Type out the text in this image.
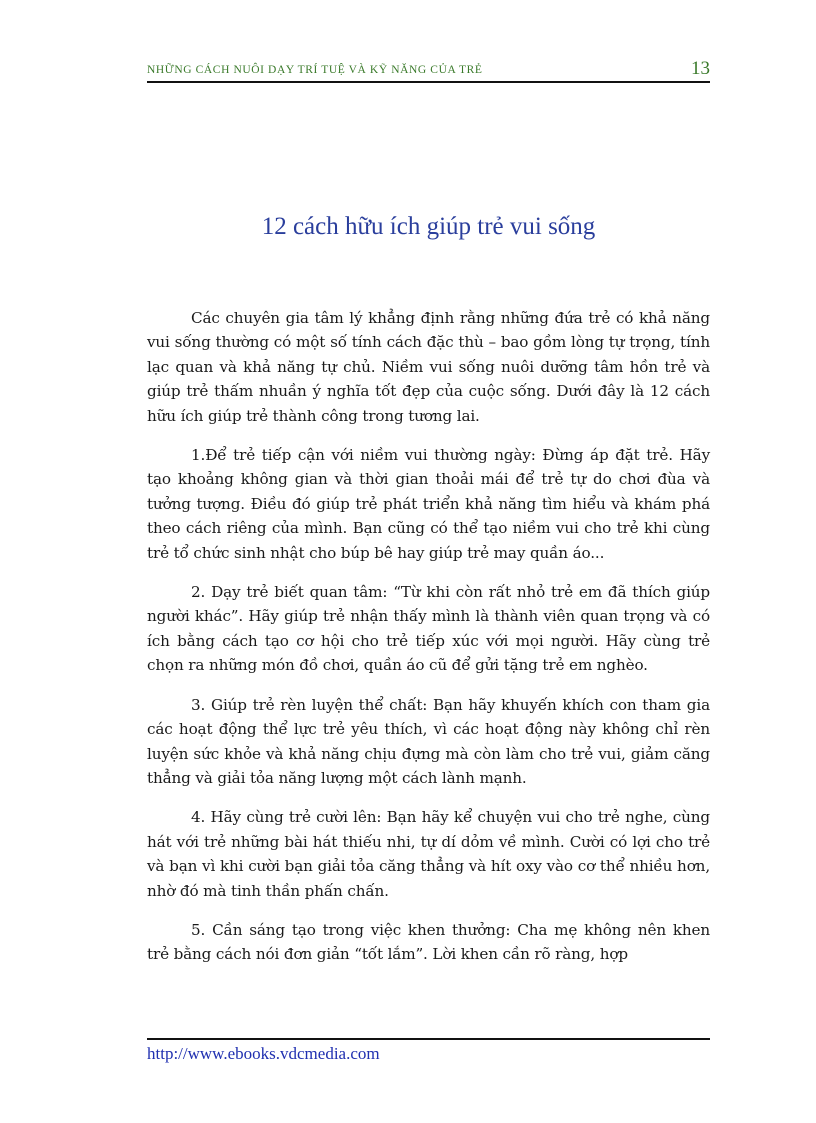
NHỮNG CÁCH NUÔI DẠY TRÍ TUỆ VÀ KỸ NĂNG CỦA TRẺ	13
12 cách hữu ích giúp trẻ vui sống

Các chuyên gia tâm lý khẳng định rằng những đứa trẻ có khả năng vui sống thường có một số tính cách đặc thù – bao gồm lòng tự trọng, tính lạc quan và khả năng tự chủ. Niềm vui sống nuôi dưỡng tâm hồn trẻ và giúp trẻ thấm nhuần ý nghĩa tốt đẹp của cuộc sống. Dưới đây là 12 cách hữu ích giúp trẻ thành công trong tương lai.

1.Để trẻ tiếp cận với niềm vui thường ngày: Đừng áp đặt trẻ. Hãy tạo khoảng không gian và thời gian thoải mái để trẻ tự do chơi đùa và tưởng tượng. Điều đó giúp trẻ phát triển khả năng tìm hiểu và khám phá theo cách riêng của mình. Bạn cũng có thể tạo niềm vui cho trẻ khi cùng trẻ tổ chức sinh nhật cho búp bê hay giúp trẻ may quần áo...

2. Dạy trẻ biết quan tâm: “Từ khi còn rất nhỏ trẻ em đã thích giúp người khác”. Hãy giúp trẻ nhận thấy mình là thành viên quan trọng và có ích bằng cách tạo cơ hội cho trẻ tiếp xúc với mọi người. Hãy cùng trẻ chọn ra những món đồ chơi, quần áo cũ để gửi tặng trẻ em nghèo.

3. Giúp trẻ rèn luyện thể chất: Bạn hãy khuyến khích con tham gia các hoạt động thể lực trẻ yêu thích, vì các hoạt động này không chỉ rèn luyện sức khỏe và khả năng chịu đựng mà còn làm cho trẻ vui, giảm căng thẳng và giải tỏa năng lượng một cách lành mạnh.

4. Hãy cùng trẻ cười lên: Bạn hãy kể chuyện vui cho trẻ nghe, cùng hát với trẻ những bài hát thiếu nhi, tự dí dỏm về mình. Cười có lợi cho trẻ và bạn vì khi cười bạn giải tỏa căng thẳng và hít oxy vào cơ thể nhiều hơn, nhờ đó mà tinh thần phấn chấn.

5. Cần sáng tạo trong việc khen thưởng: Cha mẹ không nên khen trẻ bằng cách nói đơn giản “tốt lắm”. Lời khen cần rõ ràng, hợp

http://www.ebooks.vdcmedia.com
